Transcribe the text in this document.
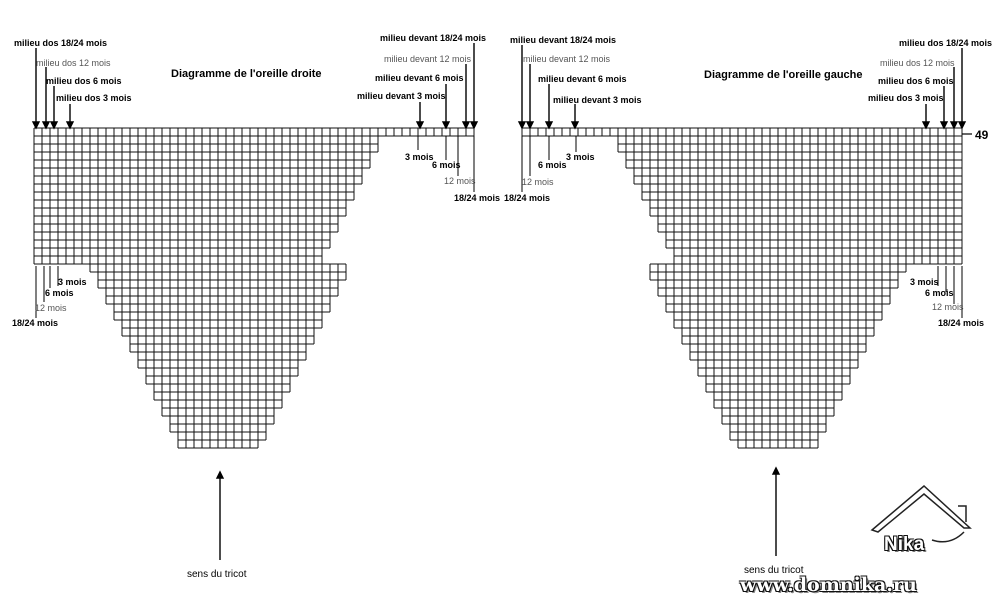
milieu dos 18/24 mois
milieu dos 12 mois
milieu dos 6 mois
milieu dos 3 mois
Diagramme de l'oreille droite
milieu devant 18/24 mois
milieu devant 12 mois
milieu devant 6 mois
milieu devant 3 mois
3 mois
6 mois
12 mois
18/24 mois
3 mois
6 mois
12 mois
18/24 mois
sens du tricot
milieu devant 18/24 mois
milieu devant 12 mois
milieu devant 6 mois
milieu devant 3 mois
Diagramme de l'oreille gauche
milieu dos 18/24 mois
milieu dos 12 mois
milieu dos 6 mois
milieu dos 3 mois
18/24 mois
12 mois
6 mois
3 mois
3 mois
6 mois
12 mois
18/24 mois
sens du tricot
49
Nika
www.domnika.ru
